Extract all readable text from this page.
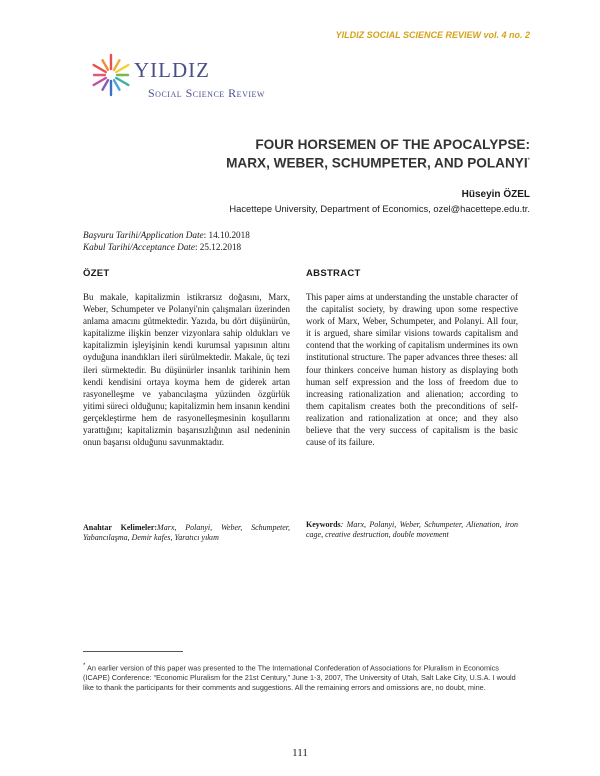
YILDIZ SOCIAL SCIENCE REVIEW vol. 4 no. 2
YILDIZ
Social Science Review
FOUR HORSEMEN OF THE APOCALYPSE:
MARX, WEBER, SCHUMPETER, AND POLANYI*
Hüseyin ÖZEL
Hacettepe University, Department of Economics, ozel@hacettepe.edu.tr.
Başvuru Tarihi/Application Date: 14.10.2018
Kabul Tarihi/Acceptance Date: 25.12.2018
ÖZET
Bu makale, kapitalizmin istikrarsız doğasını, Marx, Weber, Schumpeter ve Polanyi'nin çalışmaları üzerinden anlama amacını gütmektedir. Yazıda, bu dört düşünürün, kapitalizme ilişkin benzer vizyonlara sahip oldukları ve kapitalizmin işleyişinin kendi kurumsal yapısının altını oyduğuna inandıkları ileri sürülmektedir. Makale, üç tezi ileri sürmektedir. Bu düşünürler insanlık tarihinin hem kendi kendisini ortaya koyma hem de giderek artan rasyonelleşme ve yabancılaşma yüzünden özgürlük yitimi süreci olduğunu; kapitalizmin hem insanın kendini gerçekleştirme hem de rasyonelleşmesinin koşullarını yarattığını; kapitalizmin başarısızlığının asıl nedeninin onun başarısı olduğunu savunmaktadır.
Anahtar Kelimeler:Marx, Polanyi, Weber, Schumpeter, Yabancılaşma, Demir kafes, Yaratıcı yıkım
ABSTRACT
This paper aims at understanding the unstable character of the capitalist society, by drawing upon some respective work of Marx, Weber, Schumpeter, and Polanyi. All four, it is argued, share similar visions towards capitalism and contend that the working of capitalism undermines its own institutional structure. The paper advances three theses: all four thinkers conceive human history as displaying both human self expression and the loss of freedom due to increasing rationalization and alienation; according to them capitalism creates both the preconditions of self-realization and rationalization at once; and they also believe that the very success of capitalism is the basic cause of its failure.
Keywords: Marx, Polanyi, Weber, Schumpeter, Alienation, iron cage, creative destruction, double movement
* An earlier version of this paper was presented to the The International Confederation of Associations for Pluralism in Economics (ICAPE) Conference: “Economic Pluralism for the 21st Century,” June 1-3, 2007, The University of Utah, Salt Lake City, U.S.A. I would like to thank the participants for their comments and suggestions. All the remaining errors and omissions are, no doubt, mine.
111
